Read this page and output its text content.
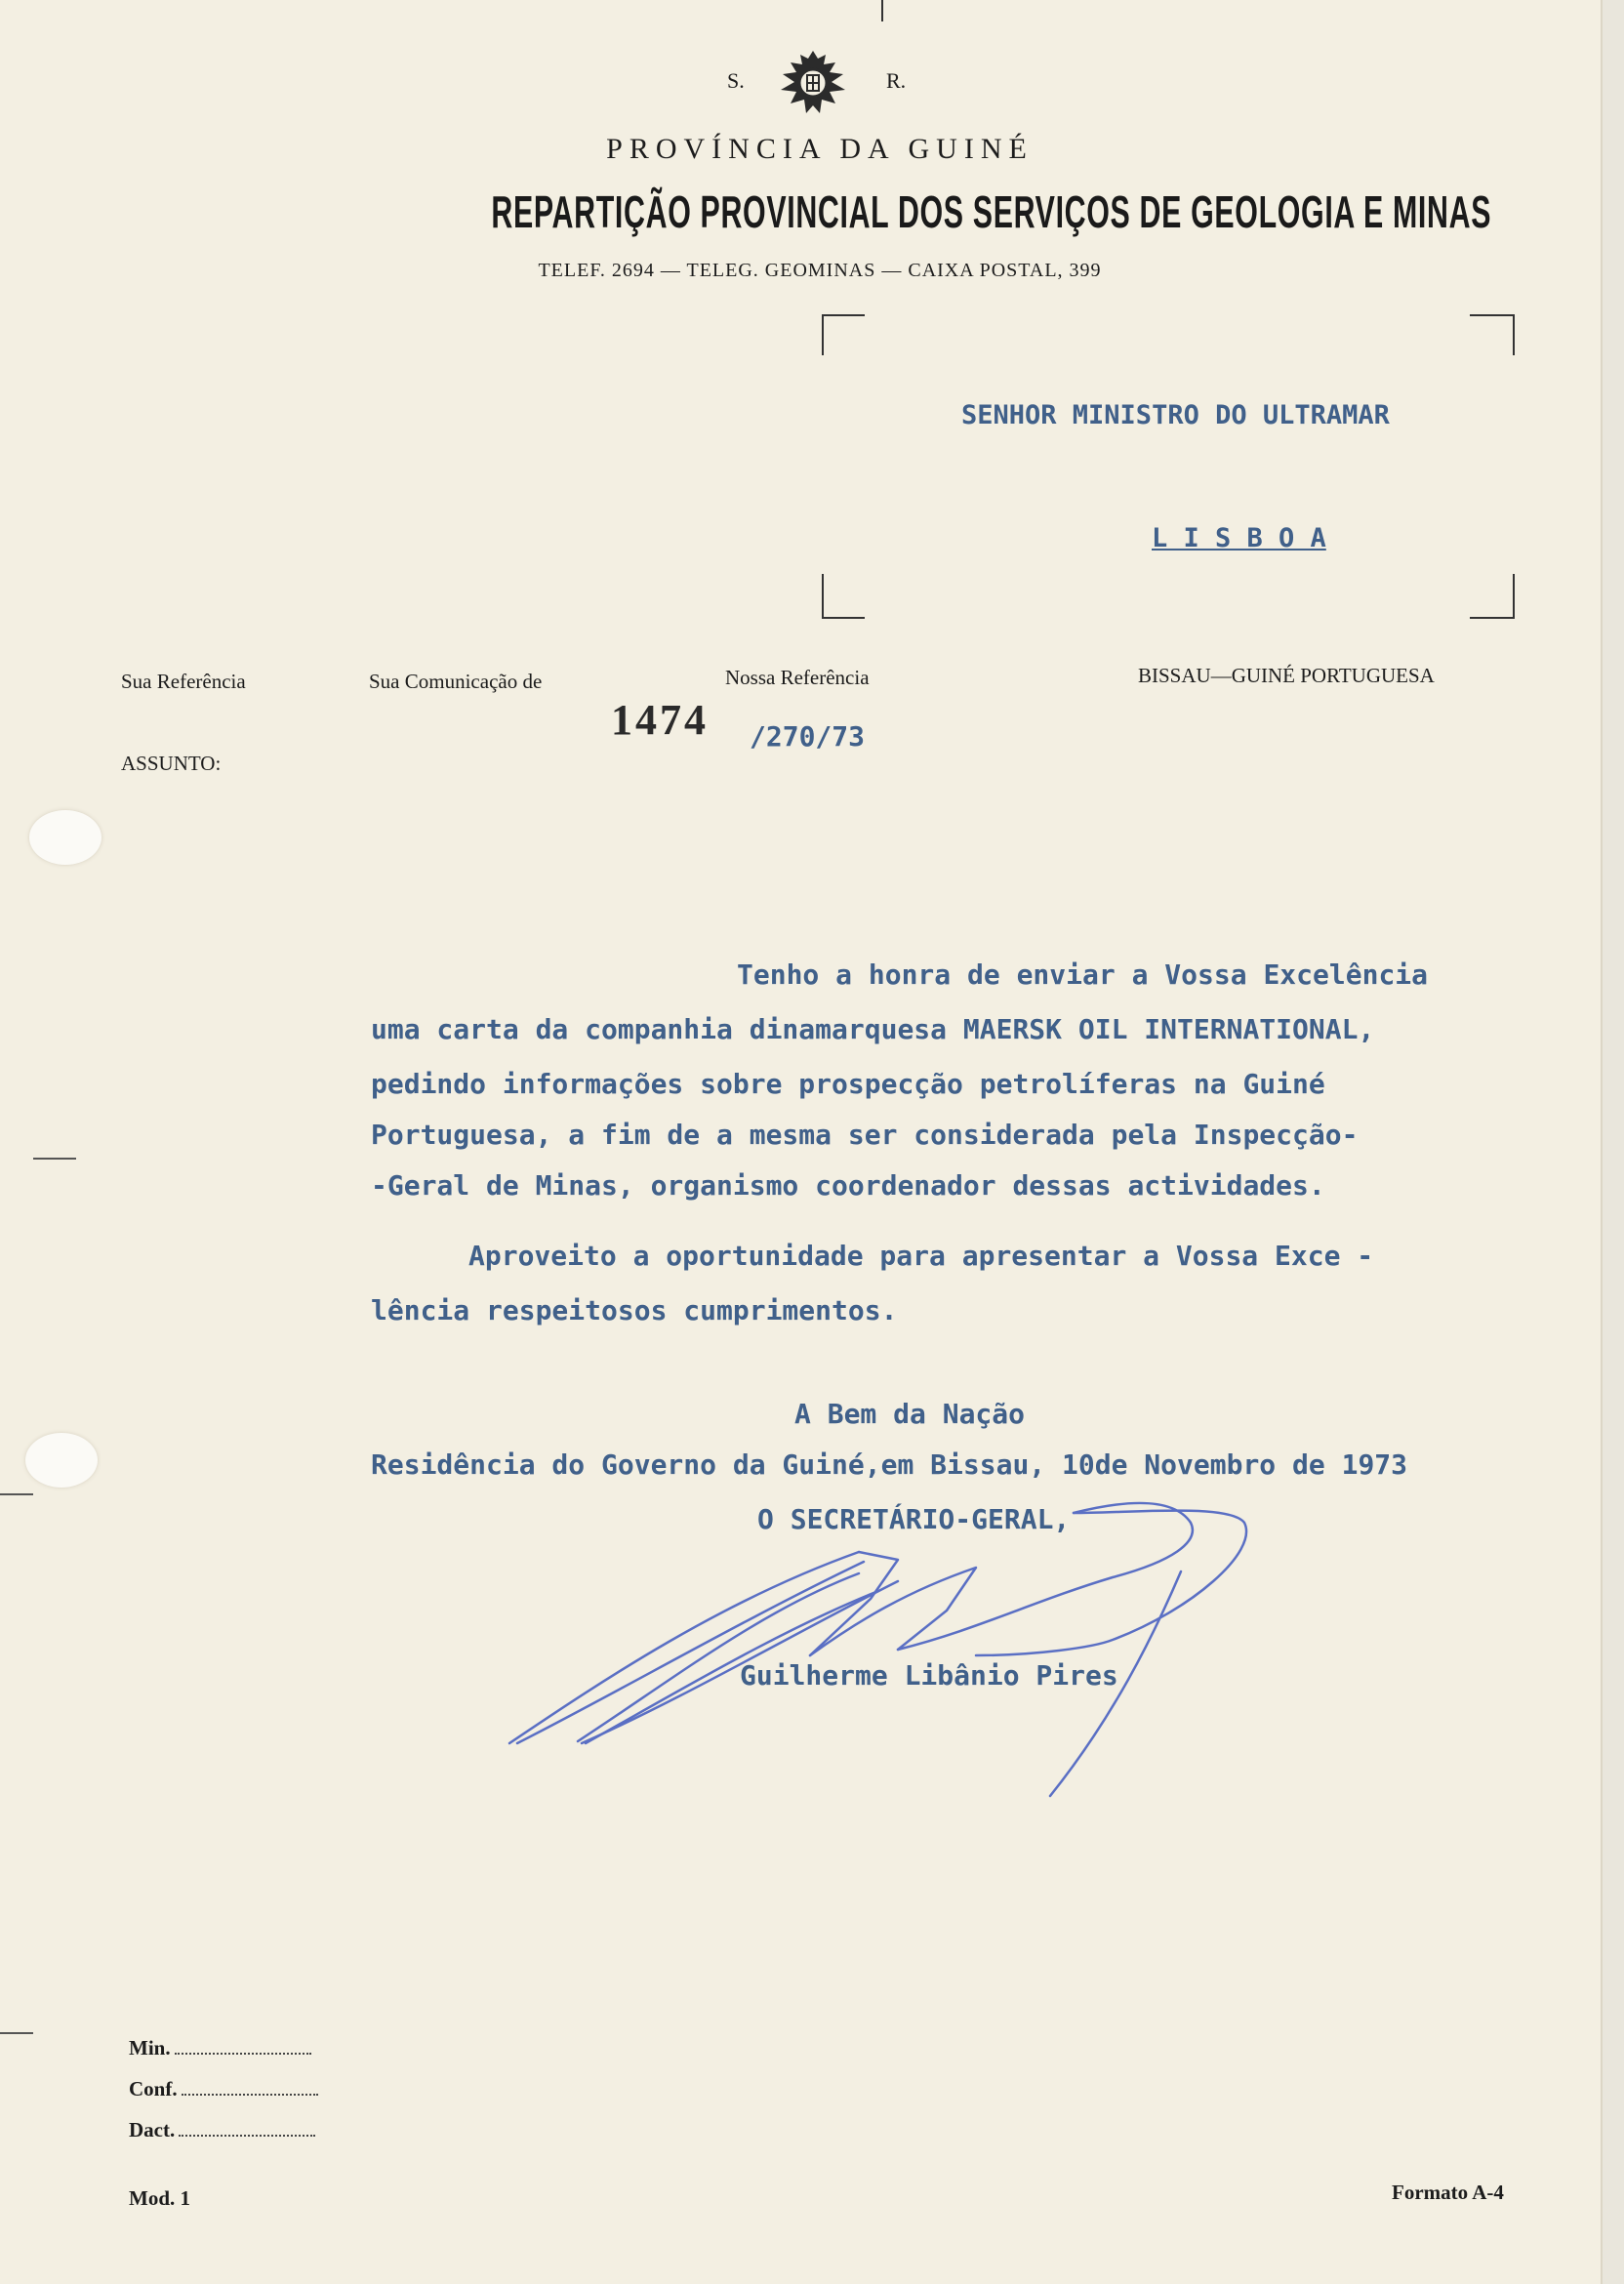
S.	R.
PROVÍNCIA DA GUINÉ
REPARTIÇÃO PROVINCIAL DOS SERVIÇOS DE GEOLOGIA E MINAS
TELEF. 2694 — TELEG. GEOMINAS — CAIXA POSTAL, 399
SENHOR MINISTRO DO ULTRAMAR
L I S B O A
Sua Referência	Sua Comunicação de	Nossa Referência	BISSAU—GUINÉ PORTUGUESA
1474 /270/73
ASSUNTO:
Tenho a honra de enviar a Vossa Excelência
uma carta da companhia dinamarquesa MAERSK OIL INTERNATIONAL,
pedindo informações sobre prospecção petrolíferas na Guiné
Portuguesa, a fim de a mesma ser considerada pela Inspecção-
-Geral de Minas, organismo coordenador dessas actividades.
Aproveito a oportunidade para apresentar a Vossa Exce -
lência respeitosos cumprimentos.
A Bem da Nação
Residência do Governo da Guiné,em Bissau, 10de Novembro de 1973
O SECRETÁRIO-GERAL,
Guilherme Libânio Pires
Min.
Conf.
Dact.
Mod. 1	Formato A-4
